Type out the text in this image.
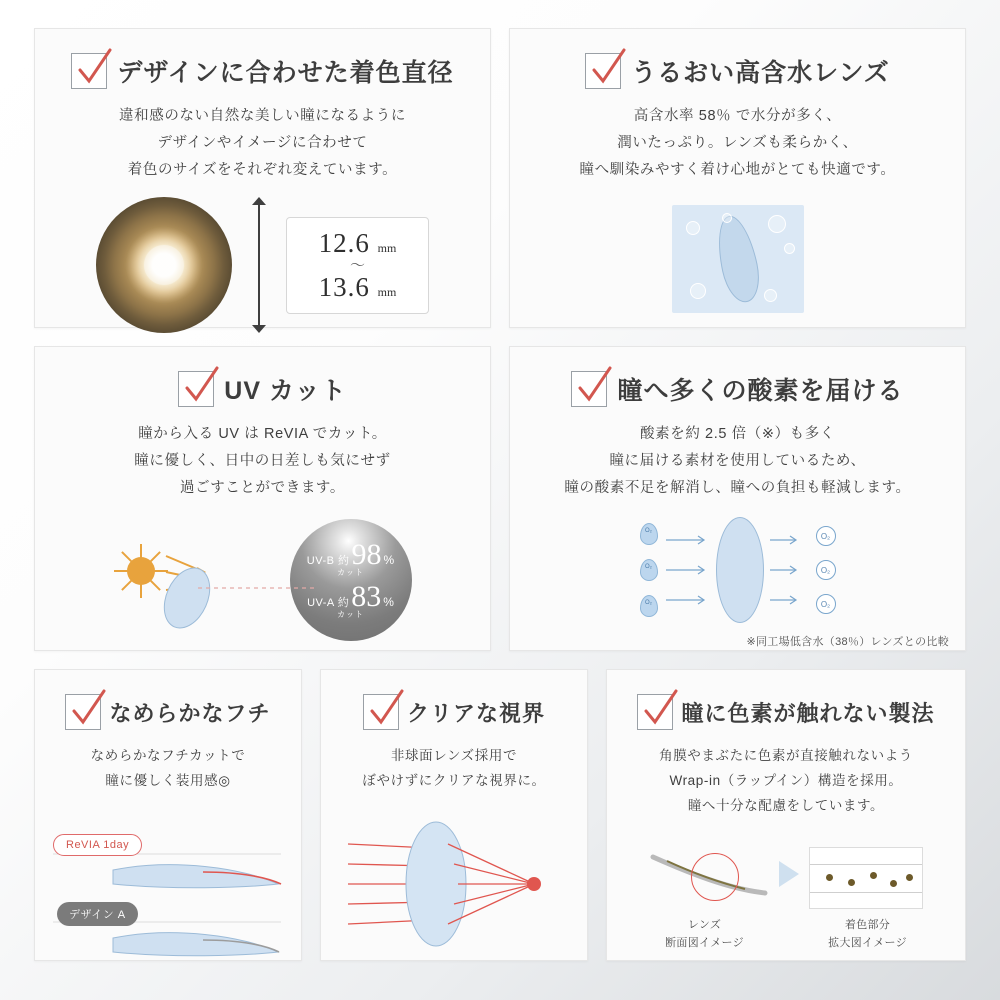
デザインに合わせた着色直径
違和感のない自然な美しい瞳になるように
デザインやイメージに合わせて
着色のサイズをそれぞれ変えています。
12.6 mm
〜
13.6 mm
うるおい高含水レンズ
高含水率 58％ で水分が多く、
潤いたっぷり。レンズも柔らかく、
瞳へ馴染みやすく着け心地がとても快適です。
UV カット
瞳から入る UV は ReVIA でカット。
瞳に優しく、日中の日差しも気にせず
過ごすことができます。
UV-B 約 98 %
カット
UV-A 約 83 %
カット
瞳へ多くの酸素を届ける
酸素を約 2.5 倍（※）も多く
瞳に届ける素材を使用しているため、
瞳の酸素不足を解消し、瞳への負担も軽減します。
O₂
O₂
O₂
O₂
O₂
O₂
※同工場低含水（38％）レンズとの比較
なめらかなフチ
なめらかなフチカットで
瞳に優しく装用感◎
ReVIA 1day
デザイン A
クリアな視界
非球面レンズ採用で
ぼやけずにクリアな視界に。
瞳に色素が触れない製法
角膜やまぶたに色素が直接触れないよう
Wrap-in（ラップイン）構造を採用。
瞳へ十分な配慮をしています。
レンズ
断面図イメージ
着色部分
拡大図イメージ
